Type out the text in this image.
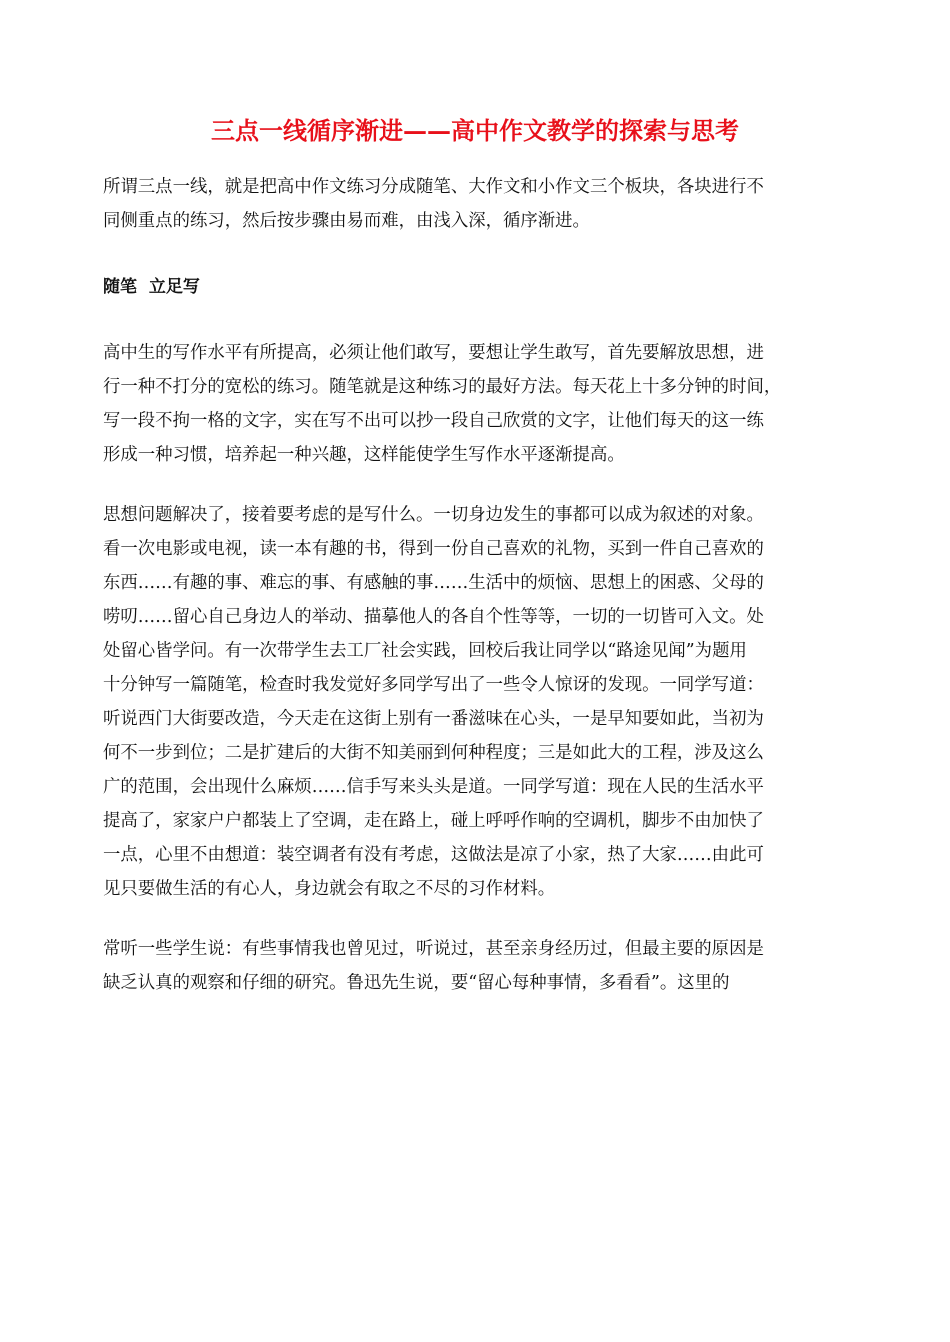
三点一线循序渐进——高中作文教学的探索与思考

所谓三点一线，就是把高中作文练习分成随笔、大作文和小作文三个板块，各块进行不
同侧重点的练习，然后按步骤由易而难，由浅入深，循序渐进。

随笔  立足写

高中生的写作水平有所提高，必须让他们敢写，要想让学生敢写，首先要解放思想，进
行一种不打分的宽松的练习。随笔就是这种练习的最好方法。每天花上十多分钟的时间，
写一段不拘一格的文字，实在写不出可以抄一段自己欣赏的文字，让他们每天的这一练
形成一种习惯，培养起一种兴趣，这样能使学生写作水平逐渐提高。

思想问题解决了，接着要考虑的是写什么。一切身边发生的事都可以成为叙述的对象。
看一次电影或电视，读一本有趣的书，得到一份自己喜欢的礼物，买到一件自己喜欢的
东西……有趣的事、难忘的事、有感触的事……生活中的烦恼、思想上的困惑、父母的
唠叨……留心自己身边人的举动、描摹他人的各自个性等等，一切的一切皆可入文。处
处留心皆学问。有一次带学生去工厂社会实践，回校后我让同学以“路途见闻”为题用
十分钟写一篇随笔，检查时我发觉好多同学写出了一些令人惊讶的发现。一同学写道：
听说西门大街要改造，今天走在这街上别有一番滋味在心头，一是早知要如此，当初为
何不一步到位；二是扩建后的大街不知美丽到何种程度；三是如此大的工程，涉及这么
广的范围，会出现什么麻烦……信手写来头头是道。一同学写道：现在人民的生活水平
提高了，家家户户都装上了空调，走在路上，碰上呼呼作响的空调机，脚步不由加快了
一点，心里不由想道：装空调者有没有考虑，这做法是凉了小家，热了大家……由此可
见只要做生活的有心人，身边就会有取之不尽的习作材料。

常听一些学生说：有些事情我也曾见过，听说过，甚至亲身经历过，但最主要的原因是
缺乏认真的观察和仔细的研究。鲁迅先生说，要“留心每种事情，多看看”。这里的
